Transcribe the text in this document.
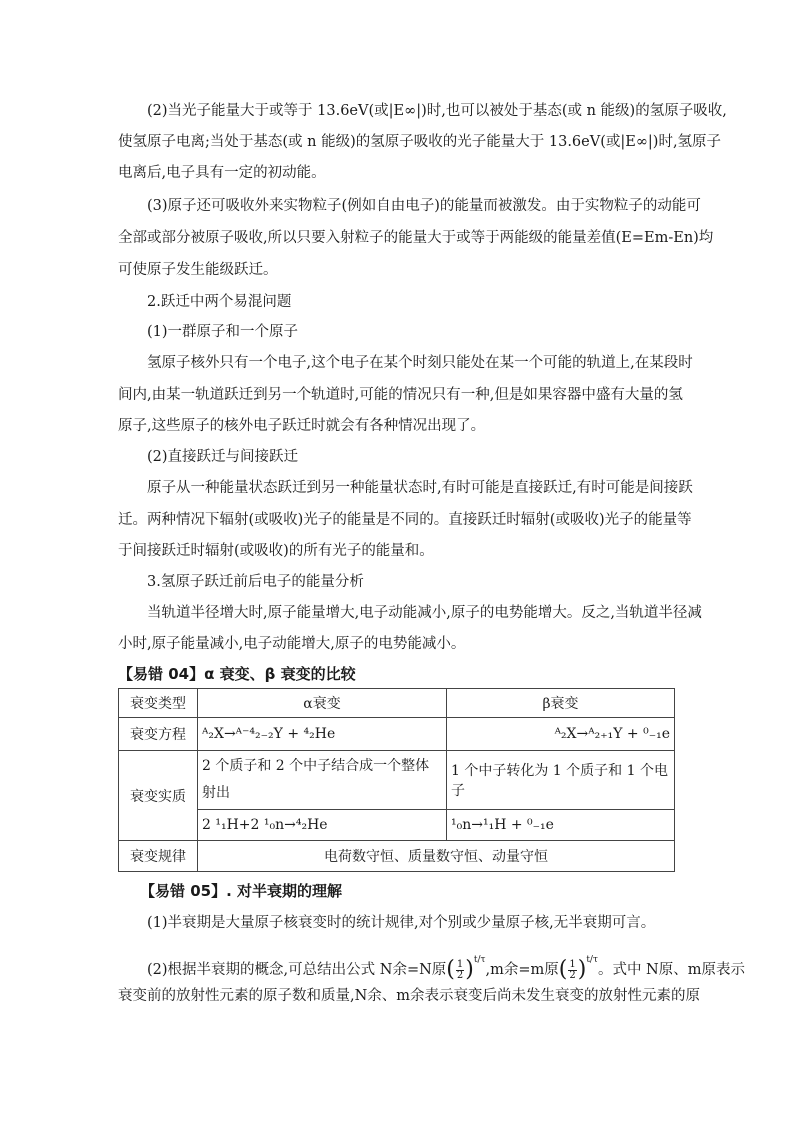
(2)当光子能量大于或等于 13.6eV(或|E∞|)时,也可以被处于基态(或 n 能级)的氢原子吸收,
使氢原子电离;当处于基态(或 n 能级)的氢原子吸收的光子能量大于 13.6eV(或|E∞|)时,氢原子
电离后,电子具有一定的初动能。
(3)原子还可吸收外来实物粒子(例如自由电子)的能量而被激发。由于实物粒子的动能可
全部或部分被原子吸收,所以只要入射粒子的能量大于或等于两能级的能量差值(E=Em-En)均
可使原子发生能级跃迁。
2.跃迁中两个易混问题
(1)一群原子和一个原子
氢原子核外只有一个电子,这个电子在某个时刻只能处在某一个可能的轨道上,在某段时
间内,由某一轨道跃迁到另一个轨道时,可能的情况只有一种,但是如果容器中盛有大量的氢
原子,这些原子的核外电子跃迁时就会有各种情况出现了。
(2)直接跃迁与间接跃迁
原子从一种能量状态跃迁到另一种能量状态时,有时可能是直接跃迁,有时可能是间接跃
迁。两种情况下辐射(或吸收)光子的能量是不同的。直接跃迁时辐射(或吸收)光子的能量等
于间接跃迁时辐射(或吸收)的所有光子的能量和。
3.氢原子跃迁前后电子的能量分析
当轨道半径增大时,原子能量增大,电子动能减小,原子的电势能增大。反之,当轨道半径减
小时,原子能量减小,电子动能增大,原子的电势能减小。
【易错 04】α 衰变、β 衰变的比较
衰变类型	α衰变	β衰变
衰变方程	ᴬ₂X→ᴬ⁻⁴₂₋₂Y + ⁴₂He	ᴬ₂X→ᴬ₂₊₁Y + ⁰₋₁e
衰变实质	2 个质子和 2 个中子结合成一个整体射出	1 个中子转化为 1 个质子和 1 个电子
	2 ¹₁H+2 ¹₀n→⁴₂He	¹₀n→¹₁H + ⁰₋₁e
衰变规律	电荷数守恒、质量数守恒、动量守恒	
【易错 05】. 对半衰期的理解
(1)半衰期是大量原子核衰变时的统计规律,对个别或少量原子核,无半衰期可言。
(2)根据半衰期的概念,可总结出公式 N余=N原( $\frac{1}{2} )^{t/\tau},m$余=m原( $\frac{1}{2} )^{t/\tau}$。式中 N原、m原表示
衰变前的放射性元素的原子数和质量,N余、m余表示衰变后尚未发生衰变的放射性元素的原
